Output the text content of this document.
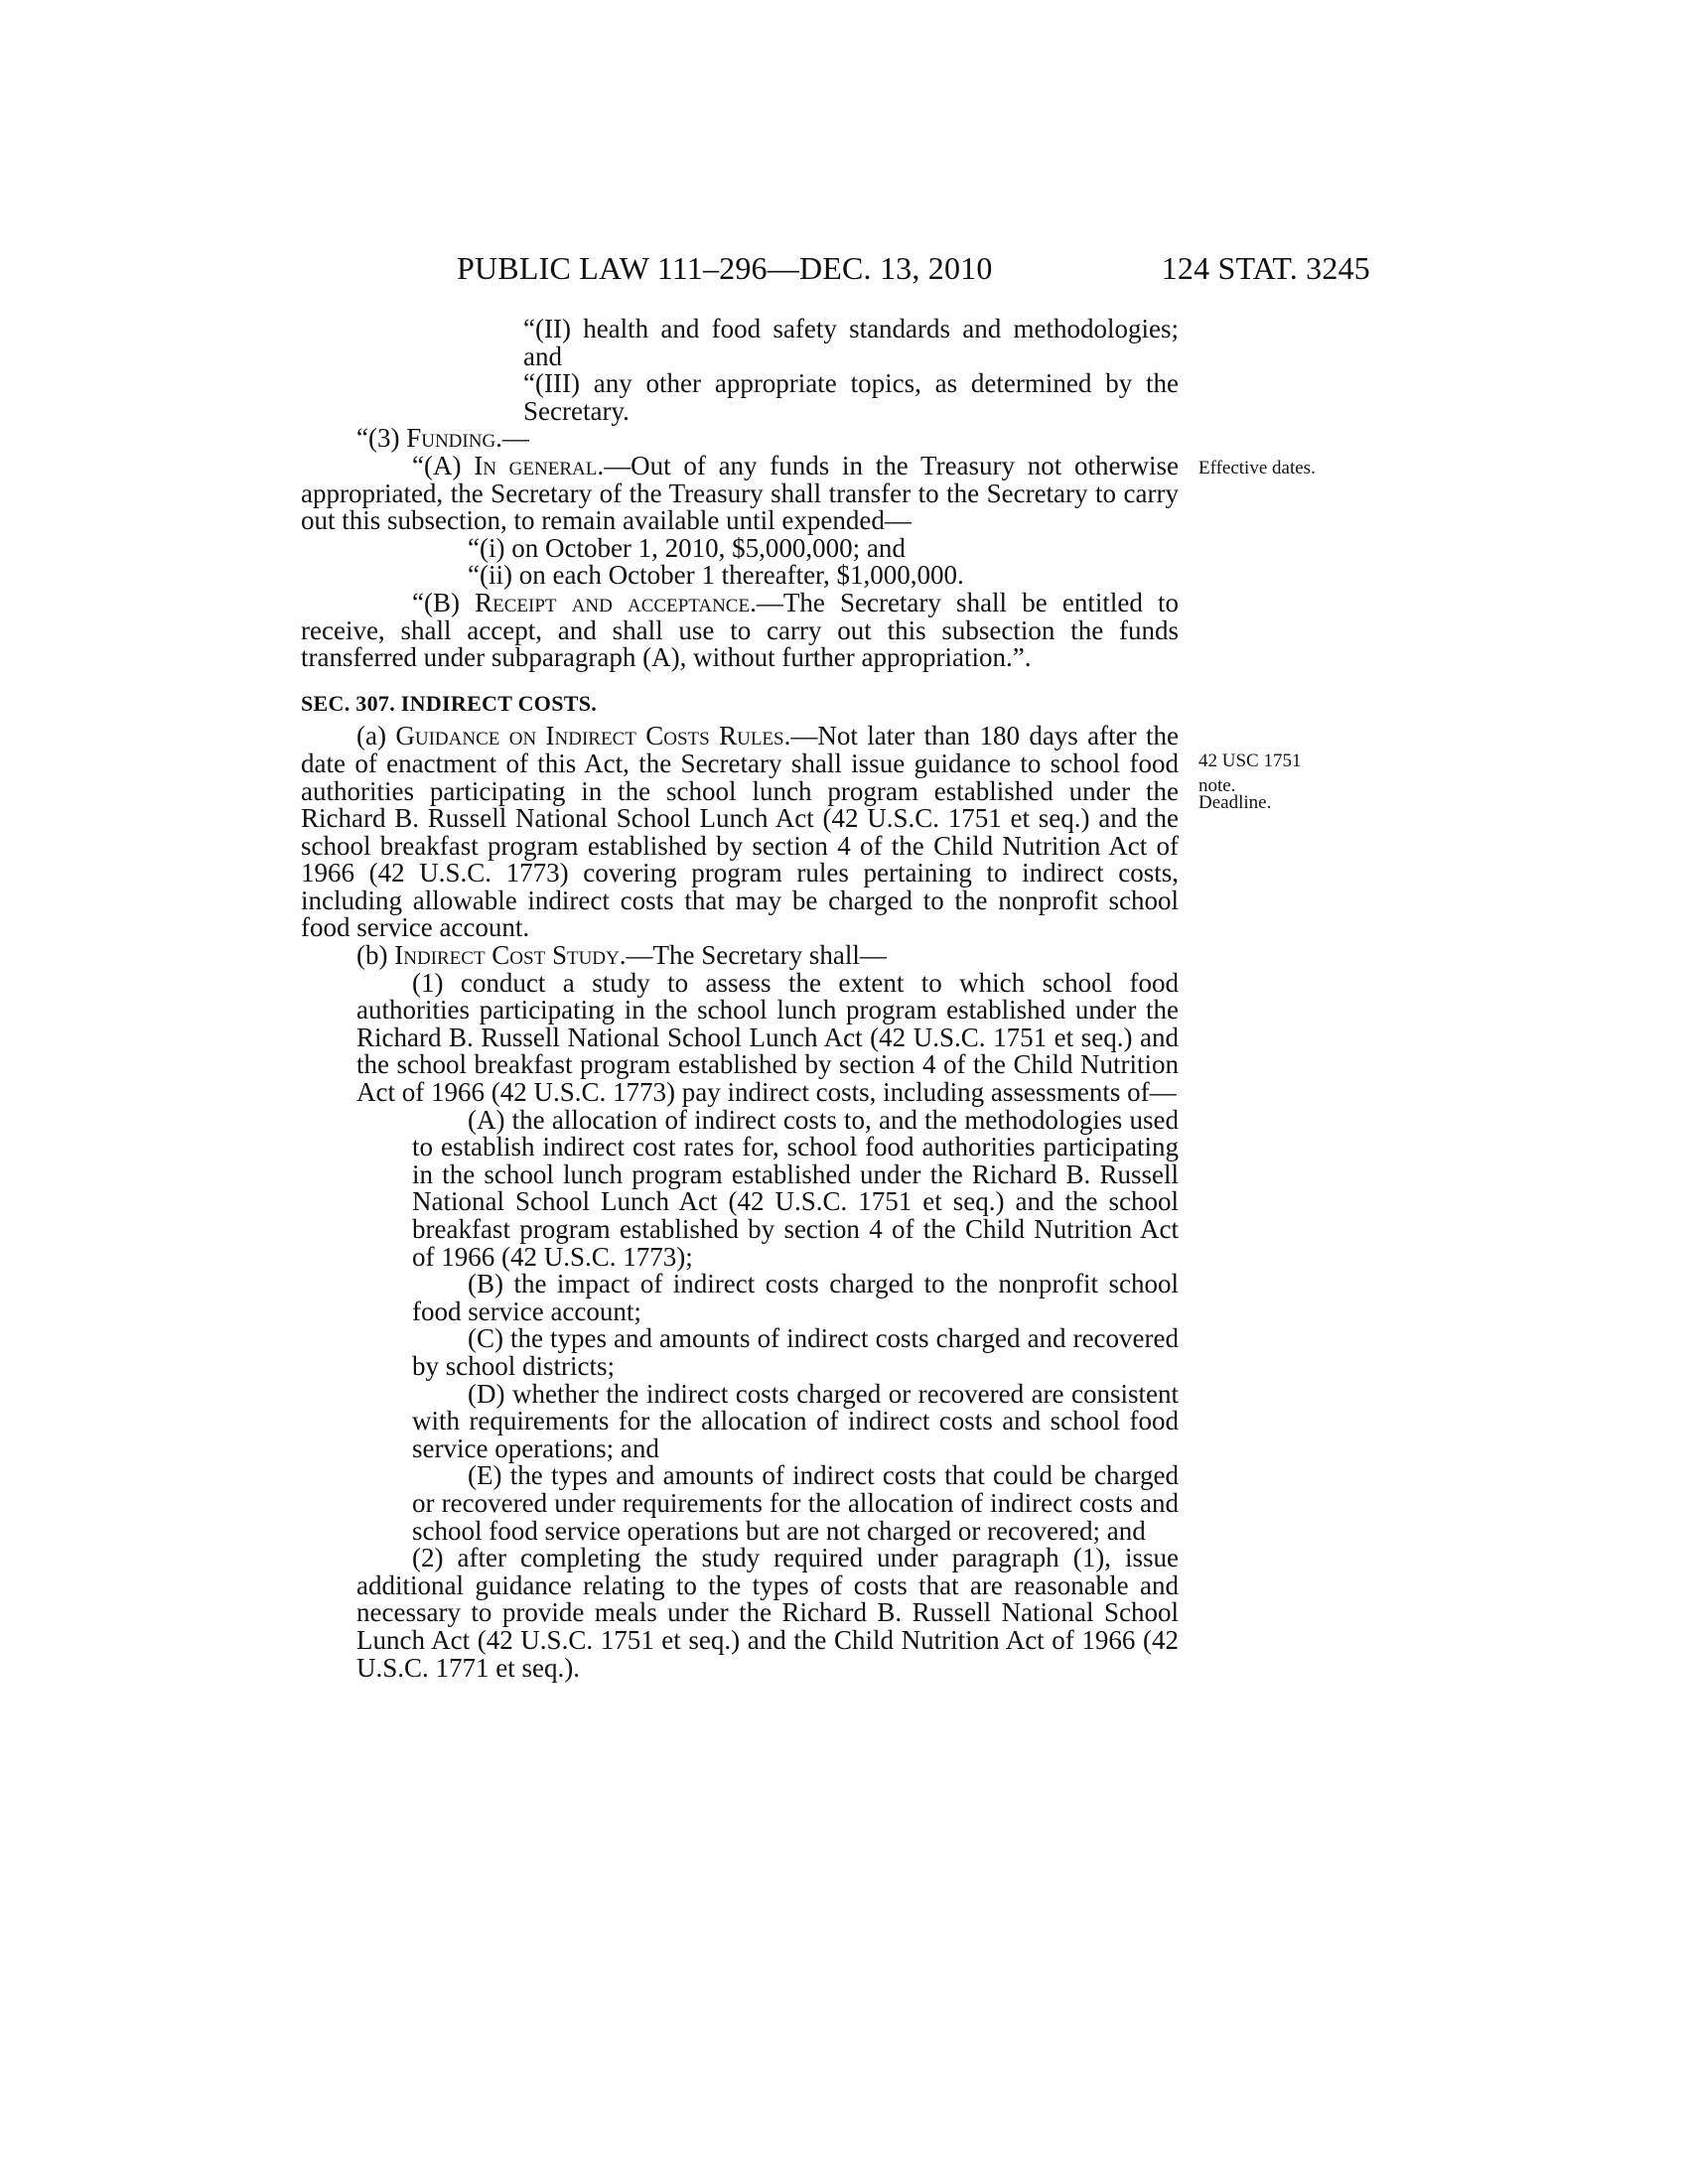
PUBLIC LAW 111–296—DEC. 13, 2010	124 STAT. 3245
Effective dates.
42 USC 1751
note.
Deadline.

“(II) health and food safety standards and methodologies; and

“(III) any other appropriate topics, as determined by the Secretary.

“(3) Funding.—

“(A) In general.—Out of any funds in the Treasury not otherwise appropriated, the Secretary of the Treasury shall transfer to the Secretary to carry out this subsection, to remain available until expended—

“(i) on October 1, 2010, $5,000,000; and

“(ii) on each October 1 thereafter, $1,000,000.

“(B) Receipt and acceptance.—The Secretary shall be entitled to receive, shall accept, and shall use to carry out this subsection the funds transferred under subparagraph (A), without further appropriation.”.

SEC. 307. INDIRECT COSTS.

(a) Guidance on Indirect Costs Rules.—Not later than 180 days after the date of enactment of this Act, the Secretary shall issue guidance to school food authorities participating in the school lunch program established under the Richard B. Russell National School Lunch Act (42 U.S.C. 1751 et seq.) and the school breakfast program established by section 4 of the Child Nutrition Act of 1966 (42 U.S.C. 1773) covering program rules pertaining to indirect costs, including allowable indirect costs that may be charged to the nonprofit school food service account.

(b) Indirect Cost Study.—The Secretary shall—

(1) conduct a study to assess the extent to which school food authorities participating in the school lunch program established under the Richard B. Russell National School Lunch Act (42 U.S.C. 1751 et seq.) and the school breakfast program established by section 4 of the Child Nutrition Act of 1966 (42 U.S.C. 1773) pay indirect costs, including assessments of—

(A) the allocation of indirect costs to, and the methodologies used to establish indirect cost rates for, school food authorities participating in the school lunch program established under the Richard B. Russell National School Lunch Act (42 U.S.C. 1751 et seq.) and the school breakfast program established by section 4 of the Child Nutrition Act of 1966 (42 U.S.C. 1773);

(B) the impact of indirect costs charged to the nonprofit school food service account;

(C) the types and amounts of indirect costs charged and recovered by school districts;

(D) whether the indirect costs charged or recovered are consistent with requirements for the allocation of indirect costs and school food service operations; and

(E) the types and amounts of indirect costs that could be charged or recovered under requirements for the allocation of indirect costs and school food service operations but are not charged or recovered; and

(2) after completing the study required under paragraph (1), issue additional guidance relating to the types of costs that are reasonable and necessary to provide meals under the Richard B. Russell National School Lunch Act (42 U.S.C. 1751 et seq.) and the Child Nutrition Act of 1966 (42 U.S.C. 1771 et seq.).
